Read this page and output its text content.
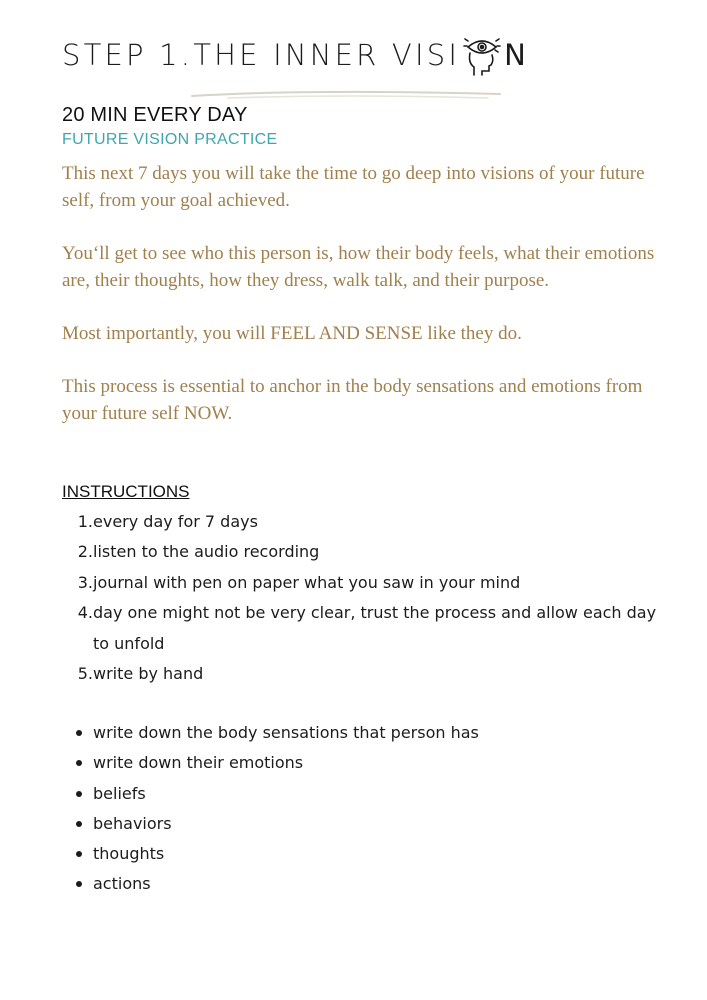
STEP 1.THE INNER VISI N
20 MIN EVERY DAY
FUTURE VISION PRACTICE

This next 7 days you will take the time to go deep into visions of your future self, from your goal achieved.

You‘ll get to see who this person is, how their body feels, what their emotions are, their thoughts, how they dress, walk talk, and their purpose.

Most importantly, you will FEEL AND SENSE like they do.

This process is essential to anchor in the body sensations and emotions from your future self NOW.

INSTRUCTIONS
1. every day for 7 days
2. listen to the audio recording
3. journal with pen on paper what you saw in your mind
4. day one might not be very clear, trust the process and allow each day to unfold
5. write by hand
write down the body sensations that person has
write down their emotions
beliefs
behaviors
thoughts
actions
